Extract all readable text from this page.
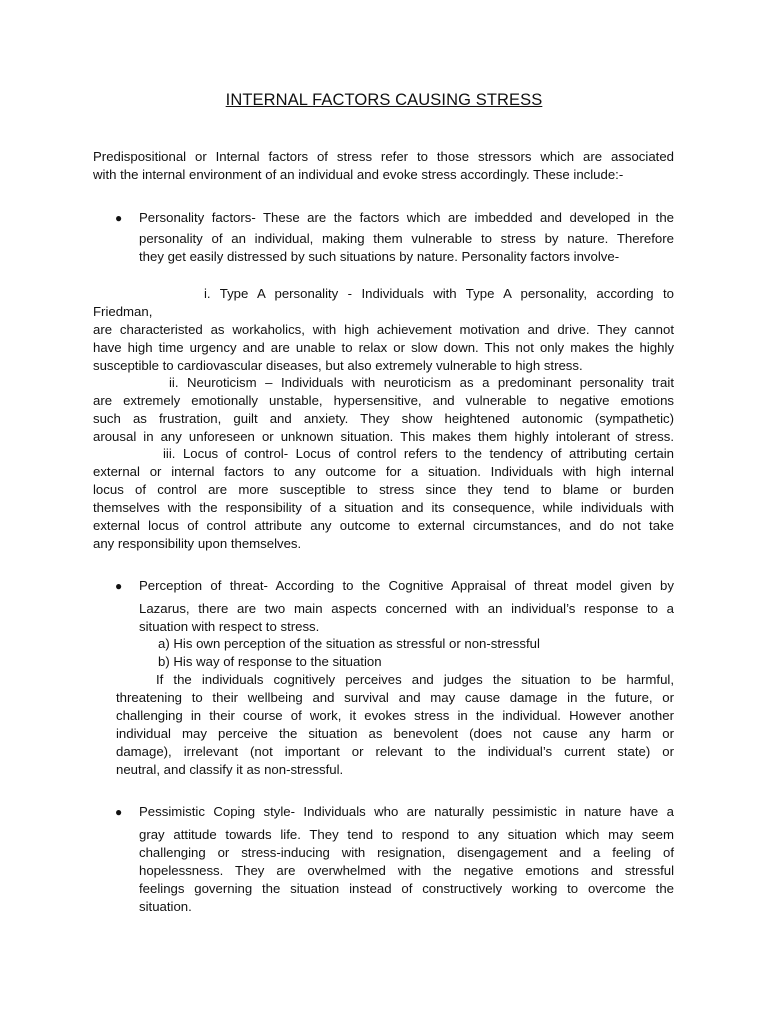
INTERNAL FACTORS CAUSING STRESS

Predispositional or Internal factors of stress refer to those stressors which are associated

with the internal environment of an individual and evoke stress accordingly. These include:-

● Personality factors- These are the factors which are imbedded and developed in the

personality of an individual, making them vulnerable to stress by nature. Therefore

they get easily distressed by such situations by nature. Personality factors involve-

i. Type A personality - Individuals with Type A personality, according to

Friedman,

are characteristed as workaholics, with high achievement motivation and drive. They cannot

have high time urgency and are unable to relax or slow down. This not only makes the highly

susceptible to cardiovascular diseases, but also extremely vulnerable to high stress.

ii. Neuroticism – Individuals with neuroticism as a predominant personality trait

are extremely emotionally unstable, hypersensitive, and vulnerable to negative emotions

such as frustration, guilt and anxiety. They show heightened autonomic (sympathetic)

arousal in any unforeseen or unknown situation. This makes them highly intolerant of stress.

iii. Locus of control- Locus of control refers to the tendency of attributing certain

external or internal factors to any outcome for a situation. Individuals with high internal

locus of control are more susceptible to stress since they tend to blame or burden

themselves with the responsibility of a situation and its consequence, while individuals with

external locus of control attribute any outcome to external circumstances, and do not take

any responsibility upon themselves.

● Perception of threat- According to the Cognitive Appraisal of threat model given by

Lazarus, there are two main aspects concerned with an individual’s response to a

situation with respect to stress.

a) His own perception of the situation as stressful or non-stressful
b) His way of response to the situation
If the individuals cognitively perceives and judges the situation to be harmful,

threatening to their wellbeing and survival and may cause damage in the future, or

challenging in their course of work, it evokes stress in the individual. However another

individual may perceive the situation as benevolent (does not cause any harm or

damage), irrelevant (not important or relevant to the individual’s current state) or

neutral, and classify it as non-stressful.

● Pessimistic Coping style- Individuals who are naturally pessimistic in nature have a

gray attitude towards life. They tend to respond to any situation which may seem

challenging or stress-inducing with resignation, disengagement and a feeling of

hopelessness. They are overwhelmed with the negative emotions and stressful

feelings governing the situation instead of constructively working to overcome the

situation.
